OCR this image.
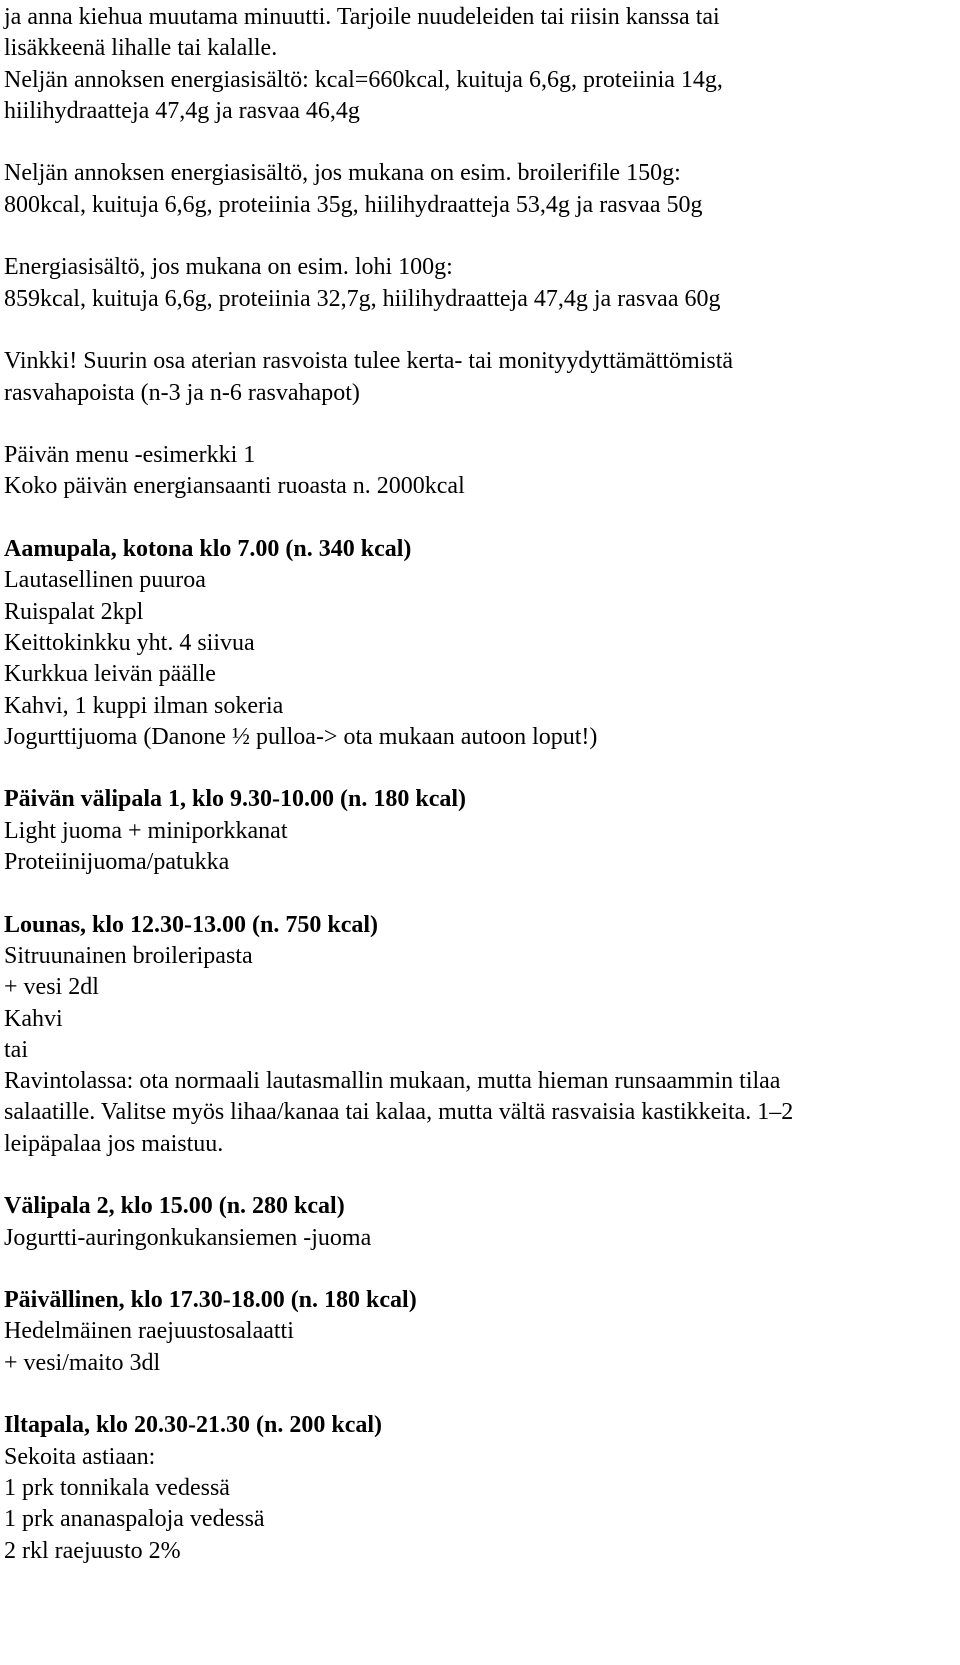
ja anna kiehua muutama minuutti. Tarjoile nuudeleiden tai riisin kanssa tai
lisäkkeenä lihalle tai kalalle.
Neljän annoksen energiasisältö: kcal=660kcal, kuituja 6,6g, proteiinia 14g,
hiilihydraatteja 47,4g ja rasvaa 46,4g
Neljän annoksen energiasisältö, jos mukana on esim. broilerifile 150g:
800kcal, kuituja 6,6g, proteiinia 35g, hiilihydraatteja 53,4g ja rasvaa 50g
Energiasisältö, jos mukana on esim. lohi 100g:
859kcal, kuituja 6,6g, proteiinia 32,7g, hiilihydraatteja 47,4g ja rasvaa 60g
Vinkki! Suurin osa aterian rasvoista tulee kerta- tai monityydyttämättömistä
rasvahapoista (n-3 ja n-6 rasvahapot)
Päivän menu -esimerkki 1
Koko päivän energiansaanti ruoasta n. 2000kcal
Aamupala, kotona klo 7.00 (n. 340 kcal)
Lautasellinen puuroa
Ruispalat 2kpl
Keittokinkku yht. 4 siivua
Kurkkua leivän päälle
Kahvi, 1 kuppi ilman sokeria
Jogurttijuoma (Danone ½ pulloa-> ota mukaan autoon loput!)
Päivän välipala 1, klo 9.30-10.00 (n. 180 kcal)
Light juoma + miniporkkanat
Proteiinijuoma/patukka
Lounas, klo 12.30-13.00 (n. 750 kcal)
Sitruunainen broileripasta
+ vesi 2dl
Kahvi
tai
Ravintolassa: ota normaali lautasmallin mukaan, mutta hieman runsaammin tilaa
salaatille. Valitse myös lihaa/kanaa tai kalaa, mutta vältä rasvaisia kastikkeita. 1–2
leipäpalaa jos maistuu.
Välipala 2, klo 15.00 (n. 280 kcal)
Jogurtti-auringonkukansiemen -juoma
Päivällinen, klo 17.30-18.00 (n. 180 kcal)
Hedelmäinen raejuustosalaatti
+ vesi/maito 3dl
Iltapala, klo 20.30-21.30 (n. 200 kcal)
Sekoita astiaan:
1 prk tonnikala vedessä
1 prk ananaspaloja vedessä
2 rkl raejuusto 2%
